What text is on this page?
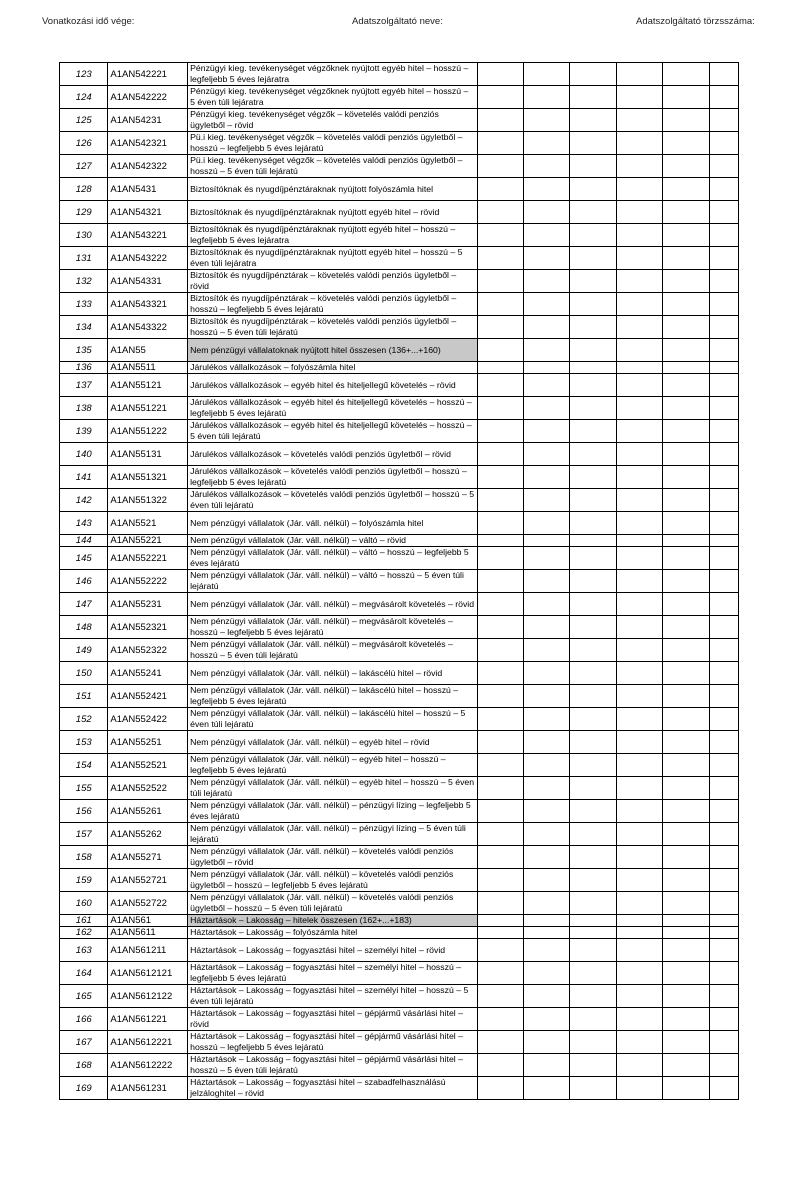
Vonatkozási idő vége:	Adatszolgáltató neve:	Adatszolgáltató törzsszáma:
123	A1AN542221	Pénzügyi kieg. tevékenységet végzőknek nyújtott egyéb hitel – hosszú – legfeljebb 5 éves lejáratra						
124	A1AN542222	Pénzügyi kieg. tevékenységet végzőknek nyújtott egyéb hitel – hosszú – 5 éven túli lejáratra						
125	A1AN54231	Pénzügyi kieg. tevékenységet végzők – követelés valódi penziós ügyletből – rövid						
126	A1AN542321	Pü.i kieg. tevékenységet végzők – követelés valódi penziós ügyletből – hosszú – legfeljebb 5 éves lejáratú						
127	A1AN542322	Pü.i kieg. tevékenységet végzők – követelés valódi penziós ügyletből – hosszú – 5 éven túli lejáratú						
128	A1AN5431	Biztosítóknak és nyugdíjpénztáraknak nyújtott folyószámla hitel						
129	A1AN54321	Biztosítóknak és nyugdíjpénztáraknak nyújtott egyéb hitel – rövid						
130	A1AN543221	Biztosítóknak és nyugdíjpénztáraknak nyújtott egyéb hitel – hosszú – legfeljebb 5 éves lejáratra						
131	A1AN543222	Biztosítóknak és nyugdíjpénztáraknak nyújtott egyéb hitel – hosszú – 5 éven túli lejáratra						
132	A1AN54331	Biztosítók és nyugdíjpénztárak – követelés valódi penziós ügyletből – rövid						
133	A1AN543321	Biztosítók és nyugdíjpénztárak – követelés valódi penziós ügyletből – hosszú – legfeljebb 5 éves lejáratú						
134	A1AN543322	Biztosítók és nyugdíjpénztárak – követelés valódi penziós ügyletből – hosszú – 5 éven túli lejáratú						
135	A1AN55	Nem pénzügyi vállalatoknak nyújtott hitel összesen (136+...+160)						
136	A1AN5511	Járulékos vállalkozások – folyószámla hitel						
137	A1AN55121	Járulékos vállalkozások – egyéb hitel és hiteljellegű követelés – rövid						
138	A1AN551221	Járulékos vállalkozások – egyéb hitel és hiteljellegű követelés – hosszú – legfeljebb 5 éves lejáratú						
139	A1AN551222	Járulékos vállalkozások – egyéb hitel és hiteljellegű követelés – hosszú – 5 éven túli lejáratú						
140	A1AN55131	Járulékos vállalkozások – követelés valódi penziós ügyletből – rövid						
141	A1AN551321	Járulékos vállalkozások – követelés valódi penziós ügyletből – hosszú – legfeljebb 5 éves lejáratú						
142	A1AN551322	Járulékos vállalkozások – követelés valódi penziós ügyletből – hosszú – 5 éven túli lejáratú						
143	A1AN5521	Nem pénzügyi vállalatok (Jár. váll. nélkül) – folyószámla hitel						
144	A1AN55221	Nem pénzügyi vállalatok (Jár. váll. nélkül) – váltó – rövid						
145	A1AN552221	Nem pénzügyi vállalatok (Jár. váll. nélkül) – váltó – hosszú – legfeljebb 5 éves lejáratú						
146	A1AN552222	Nem pénzügyi vállalatok (Jár. váll. nélkül) – váltó – hosszú – 5 éven túli lejáratú						
147	A1AN55231	Nem pénzügyi vállalatok (Jár. váll. nélkül) – megvásárolt követelés – rövid						
148	A1AN552321	Nem pénzügyi vállalatok (Jár. váll. nélkül) – megvásárolt követelés – hosszú – legfeljebb 5 éves lejáratú						
149	A1AN552322	Nem pénzügyi vállalatok (Jár. váll. nélkül) – megvásárolt követelés – hosszú – 5 éven túli lejáratú						
150	A1AN55241	Nem pénzügyi vállalatok (Jár. váll. nélkül) – lakáscélú hitel – rövid						
151	A1AN552421	Nem pénzügyi vállalatok (Jár. váll. nélkül) – lakáscélú hitel – hosszú – legfeljebb 5 éves lejáratú						
152	A1AN552422	Nem pénzügyi vállalatok (Jár. váll. nélkül) – lakáscélú hitel – hosszú – 5 éven túli lejáratú						
153	A1AN55251	Nem pénzügyi vállalatok (Jár. váll. nélkül) – egyéb hitel – rövid						
154	A1AN552521	Nem pénzügyi vállalatok (Jár. váll. nélkül) – egyéb hitel – hosszú – legfeljebb 5 éves lejáratú						
155	A1AN552522	Nem pénzügyi vállalatok (Jár. váll. nélkül) – egyéb hitel – hosszú – 5 éven túli lejáratú						
156	A1AN55261	Nem pénzügyi vállalatok (Jár. váll. nélkül) – pénzügyi lízing – legfeljebb 5 éves lejáratú						
157	A1AN55262	Nem pénzügyi vállalatok (Jár. váll. nélkül) – pénzügyi lízing – 5 éven túli lejáratú						
158	A1AN55271	Nem pénzügyi vállalatok (Jár. váll. nélkül) – követelés valódi penziós ügyletből – rövid						
159	A1AN552721	Nem pénzügyi vállalatok (Jár. váll. nélkül) – követelés valódi penziós ügyletből – hosszú – legfeljebb 5 éves lejáratú						
160	A1AN552722	Nem pénzügyi vállalatok (Jár. váll. nélkül) – követelés valódi penziós ügyletből – hosszú – 5 éven túli lejáratú						
161	A1AN561	Háztartások – Lakosság – hitelek összesen (162+...+183)						
162	A1AN5611	Háztartások – Lakosság – folyószámla hitel						
163	A1AN561211	Háztartások – Lakosság – fogyasztási hitel – személyi hitel – rövid						
164	A1AN5612121	Háztartások – Lakosság – fogyasztási hitel – személyi hitel – hosszú – legfeljebb 5 éves lejáratú						
165	A1AN5612122	Háztartások – Lakosság – fogyasztási hitel – személyi hitel – hosszú – 5 éven túli lejáratú						
166	A1AN561221	Háztartások – Lakosság – fogyasztási hitel – gépjármű vásárlási hitel – rövid						
167	A1AN5612221	Háztartások – Lakosság – fogyasztási hitel – gépjármű vásárlási hitel – hosszú – legfeljebb 5 éves lejáratú						
168	A1AN5612222	Háztartások – Lakosság – fogyasztási hitel – gépjármű vásárlási hitel – hosszú – 5 éven túli lejáratú						
169	A1AN561231	Háztartások – Lakosság – fogyasztási hitel – szabadfelhasználású jelzáloghitel – rövid						
